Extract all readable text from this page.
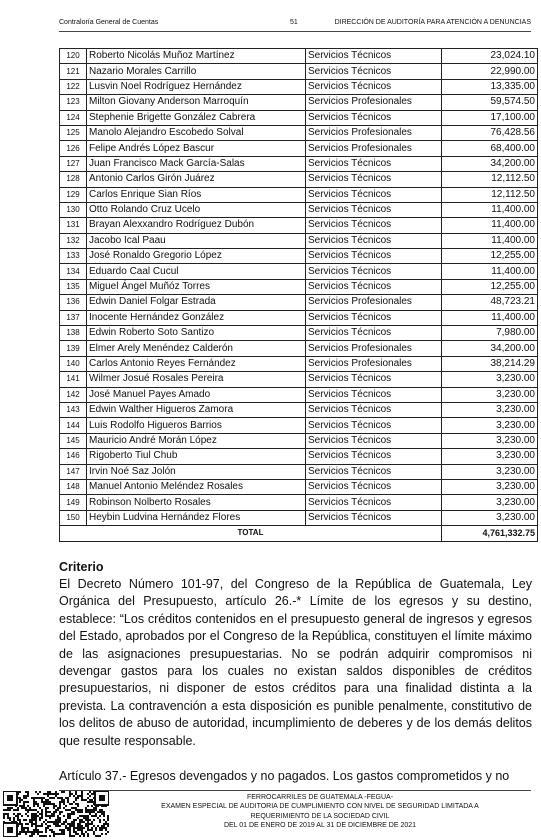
Contraloría General de Cuentas	51	DIRECCIÓN DE AUDITORÍA PARA ATENCIÓN A DENUNCIAS
120	Roberto Nicolás Muñoz Martínez	Servicios Técnicos	23,024.10
121	Nazario Morales Carrillo	Servicios Técnicos	22,990.00
122	Lusvin Noel Rodríguez Hernández	Servicios Técnicos	13,335.00
123	Milton Giovany Anderson Marroquín	Servicios Profesionales	59,574.50
124	Stephenie Brigette González Cabrera	Servicios Técnicos	17,100.00
125	Manolo Alejandro Escobedo Solval	Servicios Profesionales	76,428.56
126	Felipe Andrés López Bascur	Servicios Profesionales	68,400.00
127	Juan Francisco Mack García-Salas	Servicios Técnicos	34,200.00
128	Antonio Carlos Girón Juárez	Servicios Técnicos	12,112.50
129	Carlos Enrique Sian Ríos	Servicios Técnicos	12,112.50
130	Otto Rolando Cruz Ucelo	Servicios Técnicos	11,400.00
131	Brayan Alexxandro Rodríguez Dubón	Servicios Técnicos	11,400.00
132	Jacobo Ical Paau	Servicios Técnicos	11,400.00
133	José Ronaldo Gregorio López	Servicios Técnicos	12,255.00
134	Eduardo Caal Cucul	Servicios Técnicos	11,400.00
135	Miguel Ángel Muñóz Torres	Servicios Técnicos	12,255.00
136	Edwin Daniel Folgar Estrada	Servicios Profesionales	48,723.21
137	Inocente Hernández González	Servicios Técnicos	11,400.00
138	Edwin Roberto Soto Santizo	Servicios Técnicos	7,980.00
139	Elmer Arely Menéndez Calderón	Servicios Profesionales	34,200.00
140	Carlos Antonio Reyes Fernández	Servicios Profesionales	38,214.29
141	Wilmer Josué Rosales Pereira	Servicios Técnicos	3,230.00
142	José Manuel Payes Amado	Servicios Técnicos	3,230.00
143	Edwin Walther Higueros Zamora	Servicios Técnicos	3,230.00
144	Luis Rodolfo Higueros Barrios	Servicios Técnicos	3,230.00
145	Mauricio André Morán López	Servicios Técnicos	3,230.00
146	Rigoberto Tiul Chub	Servicios Técnicos	3,230.00
147	Irvin Noé Saz Jolón	Servicios Técnicos	3,230.00
148	Manuel Antonio Meléndez Rosales	Servicios Técnicos	3,230.00
149	Robinson Nolberto Rosales	Servicios Técnicos	3,230.00
150	Heybin Ludvina Hernández Flores	Servicios Técnicos	3,230.00
TOTAL			4,761,332.75
Criterio
El Decreto Número 101-97, del Congreso de la República de Guatemala, Ley Orgánica del Presupuesto, artículo 26.-* Límite de los egresos y su destino, establece: “Los créditos contenidos en el presupuesto general de ingresos y egresos del Estado, aprobados por el Congreso de la República, constituyen el límite máximo de las asignaciones presupuestarias. No se podrán adquirir compromisos ni devengar gastos para los cuales no existan saldos disponibles de créditos presupuestarios, ni disponer de estos créditos para una finalidad distinta a la prevista. La contravención a esta disposición es punible penalmente, constitutivo de los delitos de abuso de autoridad, incumplimiento de deberes y de los demás delitos que resulte responsable.
Artículo 37.- Egresos devengados y no pagados. Los gastos comprometidos y no
FERROCARRILES DE GUATEMALA -FEGUA-
EXAMEN ESPECIAL DE AUDITORIA DE CUMPLIMIENTO CON NIVEL DE SEGURIDAD LIMITADA A
REQUERIMIENTO DE LA SOCIEDAD CIVIL
DEL 01 DE ENERO DE 2019 AL 31 DE DICIEMBRE DE 2021
